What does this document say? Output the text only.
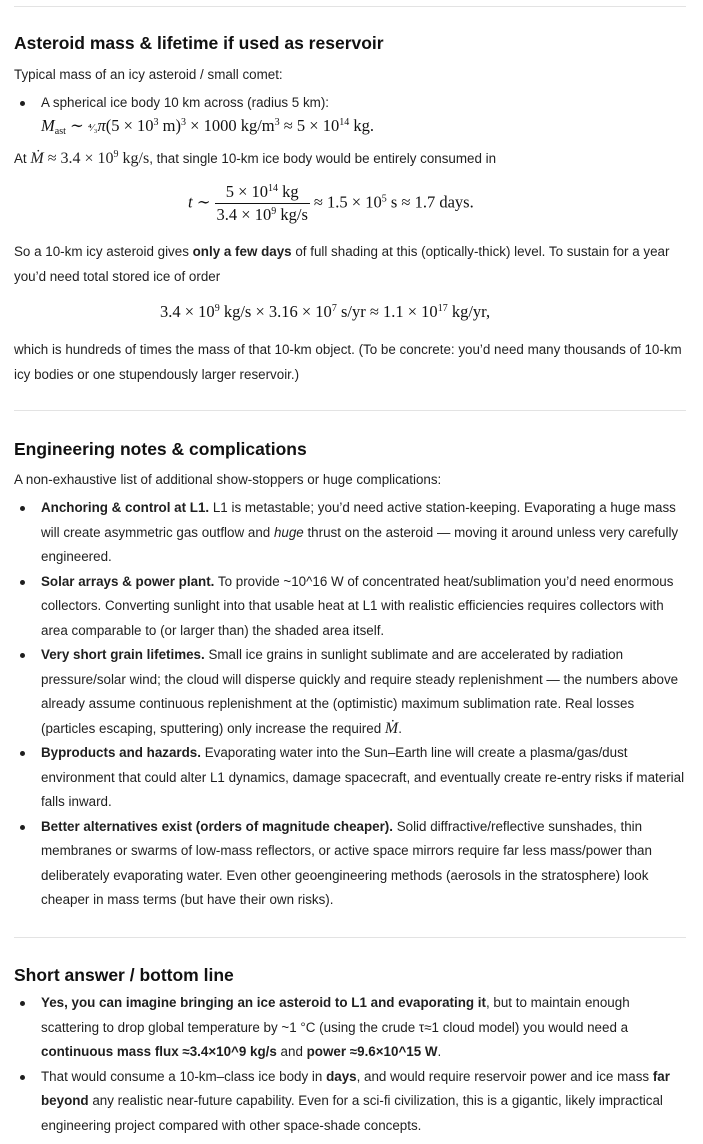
Asteroid mass & lifetime if used as reservoir
Typical mass of an icy asteroid / small comet:
A spherical ice body 10 km across (radius 5 km):
$M_{ast}$ ∼ ⁴⁄₃π(5 × $10^3$ m)$^3$ × 1000 $kg/m^3 \approx 5 \times 10^{14}$ kg.
At Ṁ ≈ $3.4 \times 10^9$ kg/s, that single 10-km ice body would be entirely consumed in
t ∼ $\frac{5 \times 10^{14} kg}{3.4 \times 10^9 kg/s} \approx 1.5 \times 10^5$ s ≈ 1.7 days.
So a 10-km icy asteroid gives only a few days of full shading at this (optically-thick) level. To sustain for a year you’d need total stored ice of order
$3.4 \times 10^9$ $kg/s \times 3.16 \times 10^7$ $s/yr \approx 1.1 \times 10^{17}$ kg/yr,
which is hundreds of times the mass of that 10-km object. (To be concrete: you’d need many thousands of 10-km icy bodies or one stupendously larger reservoir.)
Engineering notes & complications
A non-exhaustive list of additional show-stoppers or huge complications:
Anchoring & control at L1. L1 is metastable; you’d need active station-keeping. Evaporating a huge mass will create asymmetric gas outflow and huge thrust on the asteroid — moving it around unless very carefully engineered.
Solar arrays & power plant. To provide ~10^16 W of concentrated heat/sublimation you’d need enormous collectors. Converting sunlight into that usable heat at L1 with realistic efficiencies requires collectors with area comparable to (or larger than) the shaded area itself.
Very short grain lifetimes. Small ice grains in sunlight sublimate and are accelerated by radiation pressure/solar wind; the cloud will disperse quickly and require steady replenishment — the numbers above already assume continuous replenishment at the (optimistic) maximum sublimation rate. Real losses (particles escaping, sputtering) only increase the required Ṁ.
Byproducts and hazards. Evaporating water into the Sun–Earth line will create a plasma/gas/dust environment that could alter L1 dynamics, damage spacecraft, and eventually create re-entry risks if material falls inward.
Better alternatives exist (orders of magnitude cheaper). Solid diffractive/reflective sunshades, thin membranes or swarms of low-mass reflectors, or active space mirrors require far less mass/power than deliberately evaporating water. Even other geoengineering methods (aerosols in the stratosphere) look cheaper in mass terms (but have their own risks).
Short answer / bottom line
Yes, you can imagine bringing an ice asteroid to L1 and evaporating it, but to maintain enough scattering to drop global temperature by ~1 °C (using the crude τ≈1 cloud model) you would need a continuous mass flux ≈3.4×10^9 kg/s and power ≈9.6×10^15 W.
That would consume a 10-km–class ice body in days, and would require reservoir power and ice mass far beyond any realistic near-future capability. Even for a sci-fi civilization, this is a gigantic, likely impractical engineering project compared with other space-shade concepts.
